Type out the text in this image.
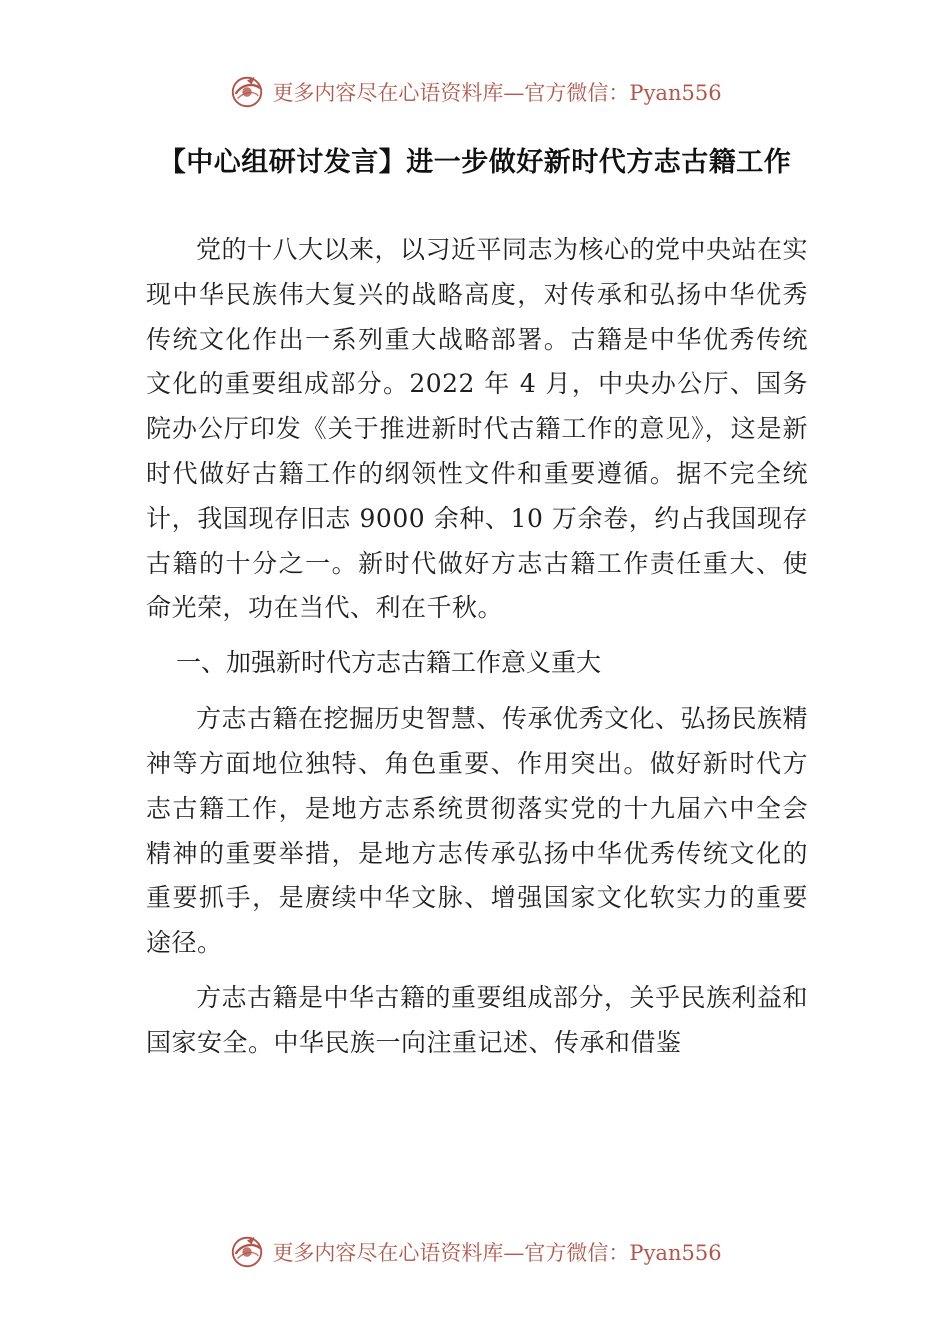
更多内容尽在心语资料库—官方微信：Pyan556
【中心组研讨发言】进一步做好新时代方志古籍工作

党的十八大以来，以习近平同志为核心的党中央站在实现中华民族伟大复兴的战略高度，对传承和弘扬中华优秀传统文化作出一系列重大战略部署。古籍是中华优秀传统文化的重要组成部分。2022 年 4 月，中央办公厅、国务院办公厅印发《关于推进新时代古籍工作的意见》，这是新时代做好古籍工作的纲领性文件和重要遵循。据不完全统计，我国现存旧志 9000 余种、10 万余卷，约占我国现存古籍的十分之一。新时代做好方志古籍工作责任重大、使命光荣，功在当代、利在千秋。

一、加强新时代方志古籍工作意义重大

方志古籍在挖掘历史智慧、传承优秀文化、弘扬民族精神等方面地位独特、角色重要、作用突出。做好新时代方志古籍工作，是地方志系统贯彻落实党的十九届六中全会精神的重要举措，是地方志传承弘扬中华优秀传统文化的重要抓手，是赓续中华文脉、增强国家文化软实力的重要途径。

方志古籍是中华古籍的重要组成部分，关乎民族利益和国家安全。中华民族一向注重记述、传承和借鉴

更多内容尽在心语资料库—官方微信：Pyan556
